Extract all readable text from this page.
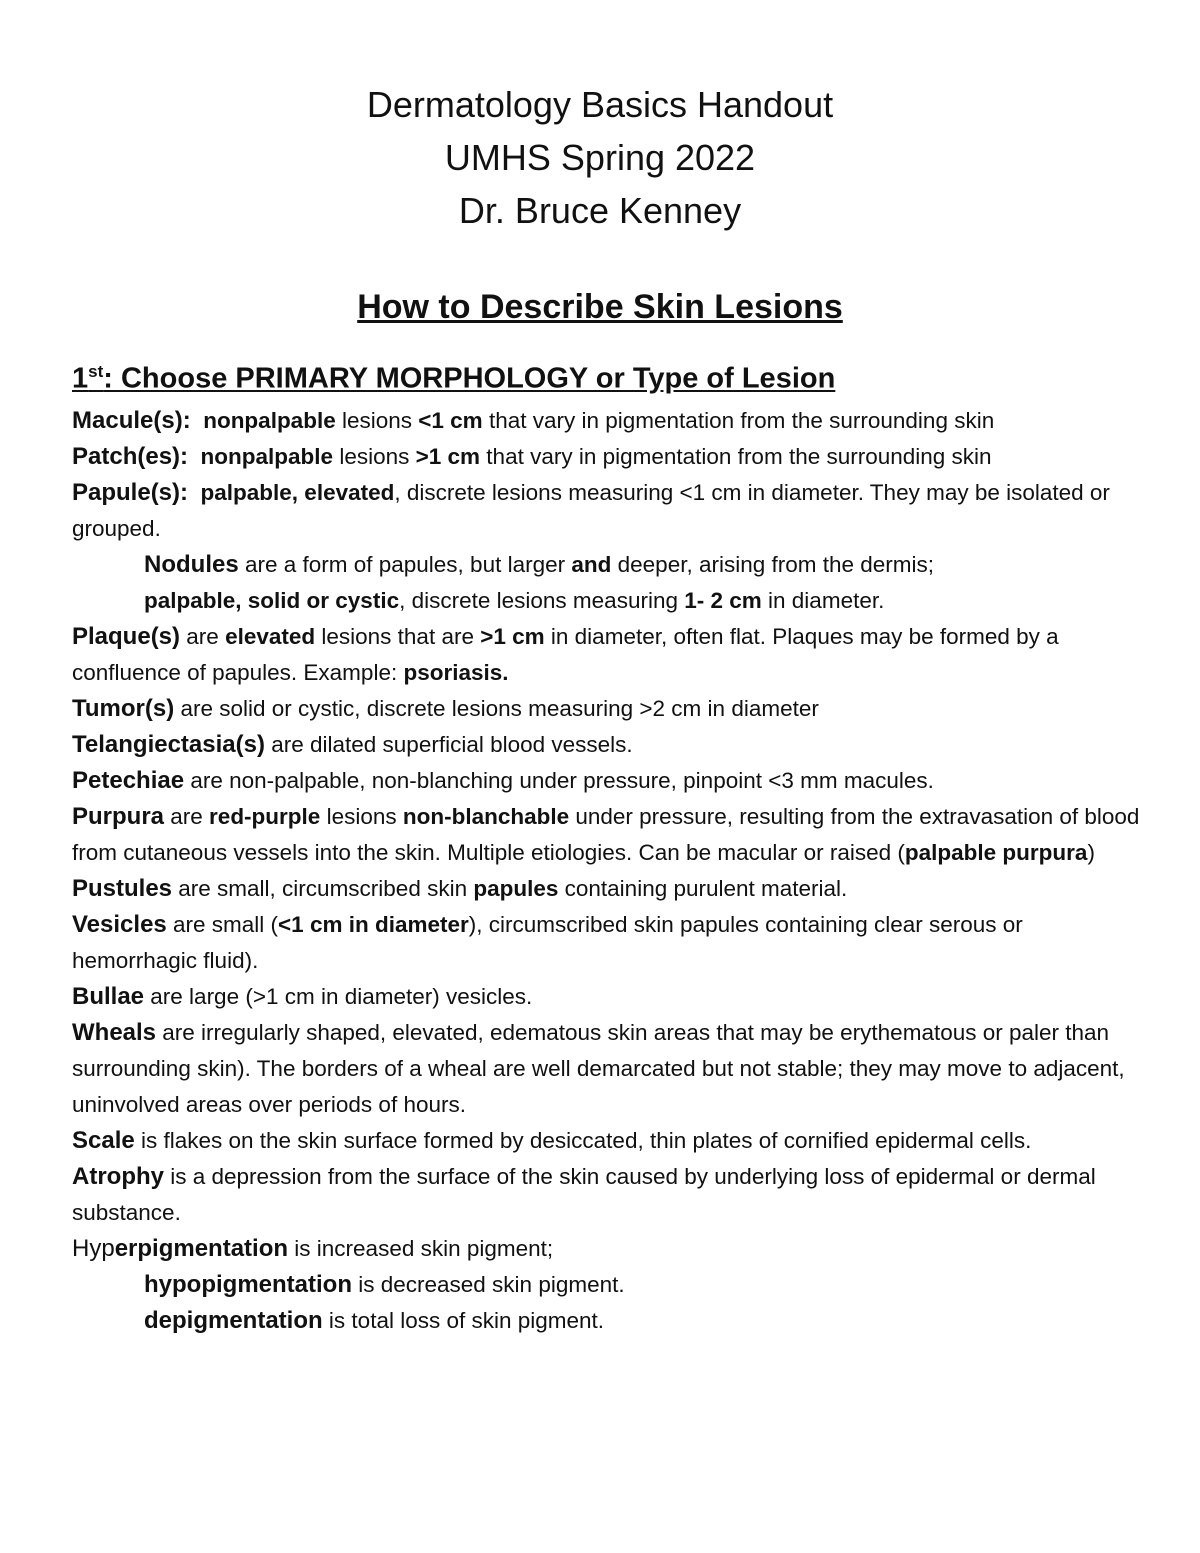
Dermatology Basics Handout
UMHS Spring 2022
Dr. Bruce Kenney
How to Describe Skin Lesions
1st: Choose PRIMARY MORPHOLOGY or Type of Lesion

Macule(s): nonpalpable lesions <1 cm that vary in pigmentation from the surrounding skin

Patch(es): nonpalpable lesions >1 cm that vary in pigmentation from the surrounding skin

Papule(s): palpable, elevated, discrete lesions measuring <1 cm in diameter. They may be isolated or grouped.

Nodules are a form of papules, but larger and deeper, arising from the dermis;

palpable, solid or cystic, discrete lesions measuring 1- 2 cm in diameter.

Plaque(s) are elevated lesions that are >1 cm in diameter, often flat. Plaques may be formed by a confluence of papules. Example: psoriasis.

Tumor(s) are solid or cystic, discrete lesions measuring >2 cm in diameter

Telangiectasia(s) are dilated superficial blood vessels.

Petechiae are non-palpable, non-blanching under pressure, pinpoint <3 mm macules.

Purpura are red-purple lesions non-blanchable under pressure, resulting from the extravasation of blood from cutaneous vessels into the skin. Multiple etiologies. Can be macular or raised (palpable purpura)

Pustules are small, circumscribed skin papules containing purulent material.

Vesicles are small (<1 cm in diameter), circumscribed skin papules containing clear serous or hemorrhagic fluid).

Bullae are large (>1 cm in diameter) vesicles.

Wheals are irregularly shaped, elevated, edematous skin areas that may be erythematous or paler than surrounding skin). The borders of a wheal are well demarcated but not stable; they may move to adjacent, uninvolved areas over periods of hours.

Scale is flakes on the skin surface formed by desiccated, thin plates of cornified epidermal cells.

Atrophy is a depression from the surface of the skin caused by underlying loss of epidermal or dermal substance.

Hyperpigmentation is increased skin pigment;

hypopigmentation is decreased skin pigment.

depigmentation is total loss of skin pigment.
